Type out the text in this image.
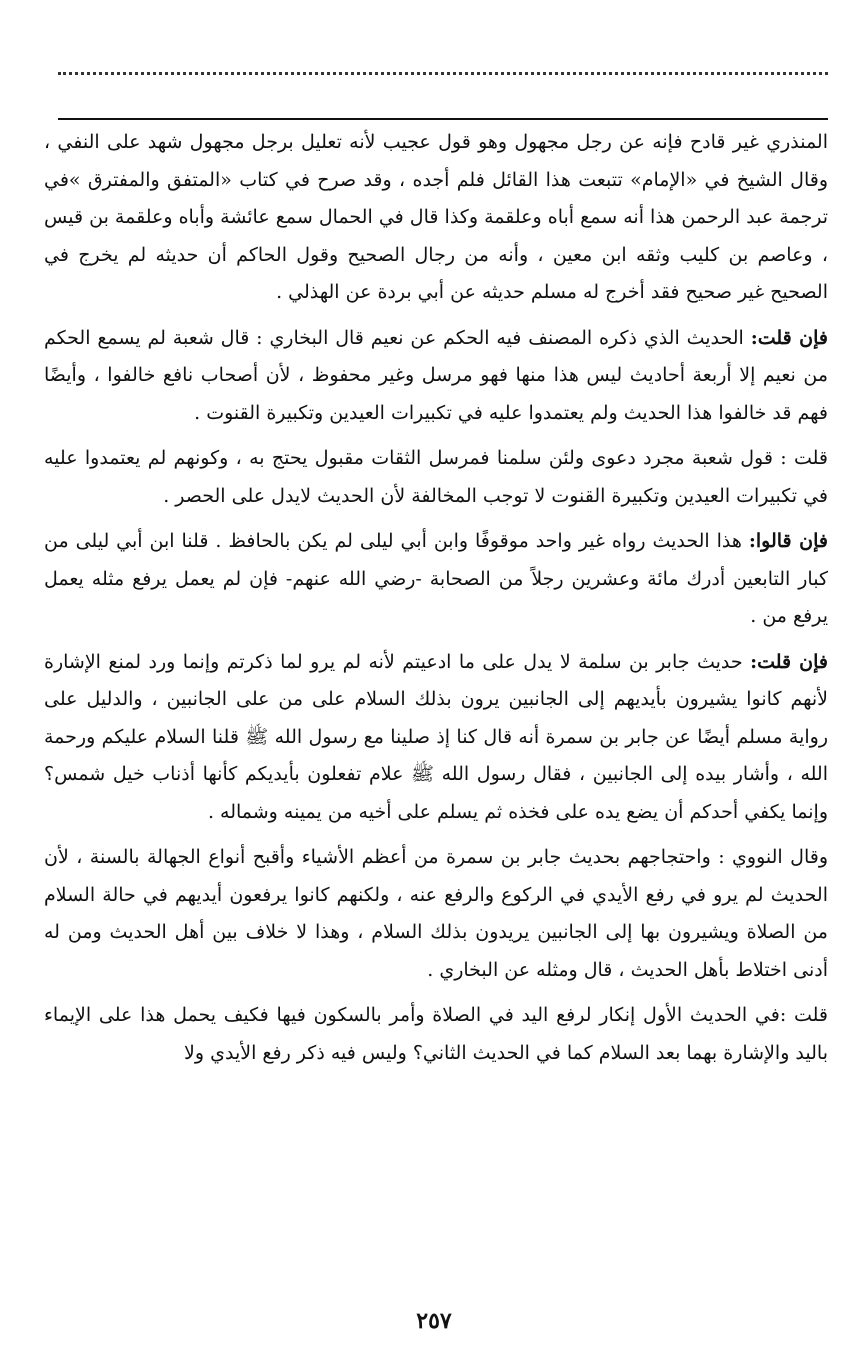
المنذري غير قادح فإنه عن رجل مجهول وهو قول عجيب لأنه تعليل برجل مجهول شهد على النفي ، وقال الشيخ في «الإمام» تتبعت هذا القائل فلم أجده ، وقد صرح في كتاب «المتفق والمفترق »في ترجمة عبد الرحمن هذا أنه سمع أباه وعلقمة وكذا قال في الحمال سمع عائشة وأباه وعلقمة بن قيس ، وعاصم بن كليب وثقه ابن معين ، وأنه من رجال الصحيح وقول الحاكم أن حديثه لم يخرج في الصحيح غير صحيح فقد أخرج له مسلم حديثه عن أبي بردة عن الهذلي .

فإن قلت: الحديث الذي ذكره المصنف فيه الحكم عن نعيم قال البخاري : قال شعبة لم يسمع الحكم من نعيم إلا أربعة أحاديث ليس هذا منها فهو مرسل وغير محفوظ ، لأن أصحاب نافع خالفوا ، وأيضًا فهم قد خالفوا هذا الحديث ولم يعتمدوا عليه في تكبيرات العيدين وتكبيرة القنوت .

قلت : قول شعبة مجرد دعوى ولئن سلمنا فمرسل الثقات مقبول يحتج به ، وكونهم لم يعتمدوا عليه في تكبيرات العيدين وتكبيرة القنوت لا توجب المخالفة لأن الحديث لايدل على الحصر .

فإن قالوا: هذا الحديث رواه غير واحد موقوفًا وابن أبي ليلى لم يكن بالحافظ . قلنا ابن أبي ليلى من كبار التابعين أدرك مائة وعشرين رجلاً من الصحابة -رضي الله عنهم- فإن لم يعمل يرفع مثله يعمل يرفع من .

فإن قلت: حديث جابر بن سلمة لا يدل على ما ادعيتم لأنه لم يرو لما ذكرتم وإنما ورد لمنع الإشارة لأنهم كانوا يشيرون بأيديهم إلى الجانبين يرون بذلك السلام على من على الجانبين ، والدليل على رواية مسلم أيضًا عن جابر بن سمرة أنه قال كنا إذ صلينا مع رسول الله ﷺ قلنا السلام عليكم ورحمة الله ، وأشار بيده إلى الجانبين ، فقال رسول الله ﷺ علام تفعلون بأيديكم كأنها أذناب خيل شمس؟ وإنما يكفي أحدكم أن يضع يده على فخذه ثم يسلم على أخيه من يمينه وشماله .

وقال النووي : واحتجاجهم بحديث جابر بن سمرة من أعظم الأشياء وأقبح أنواع الجهالة بالسنة ، لأن الحديث لم يرو في رفع الأيدي في الركوع والرفع عنه ، ولكنهم كانوا يرفعون أيديهم في حالة السلام من الصلاة ويشيرون بها إلى الجانبين يريدون بذلك السلام ، وهذا لا خلاف بين أهل الحديث ومن له أدنى اختلاط بأهل الحديث ، قال ومثله عن البخاري .

قلت :في الحديث الأول إنكار لرفع اليد في الصلاة وأمر بالسكون فيها فكيف يحمل هذا على الإيماء باليد والإشارة بهما بعد السلام كما في الحديث الثاني؟ وليس فيه ذكر رفع الأيدي ولا

٢٥٧
